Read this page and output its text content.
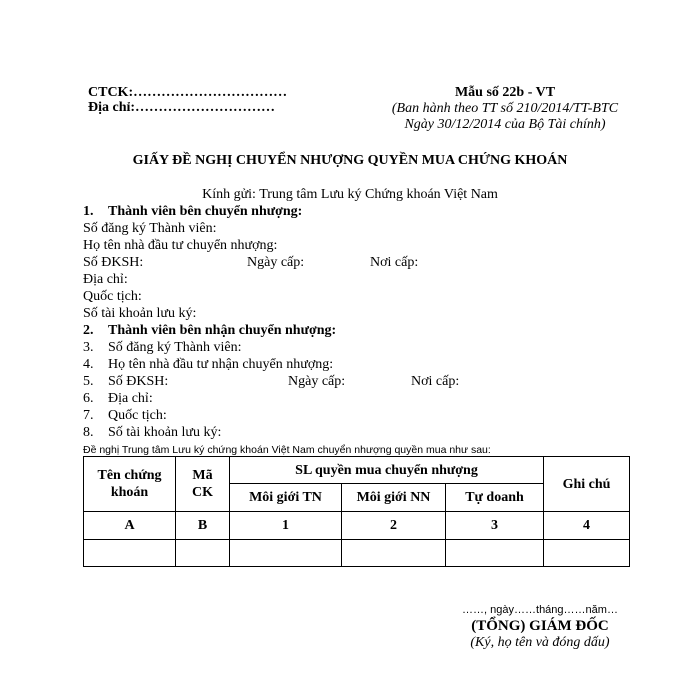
CTCK:……………………………
Địa chỉ:…………………………
Mẫu số 22b - VT
(Ban hành theo TT số 210/2014/TT-BTC
Ngày 30/12/2014 của Bộ Tài chính)
GIẤY ĐỀ NGHỊ CHUYỂN NHƯỢNG QUYỀN MUA CHỨNG KHOÁN
Kính gửi: Trung tâm Lưu ký Chứng khoán Việt Nam
1. Thành viên bên chuyển nhượng:
Số đăng ký Thành viên:
Họ tên nhà đầu tư chuyển nhượng:
Số ĐKSH:	Ngày cấp:	Nơi cấp:
Địa chỉ:
Quốc tịch:
Số tài khoản lưu ký:
2. Thành viên bên nhận chuyển nhượng:
3. Số đăng ký Thành viên:
4. Họ tên nhà đầu tư nhận chuyển nhượng:
5. Số ĐKSH:	Ngày cấp:	Nơi cấp:
6. Địa chỉ:
7. Quốc tịch:
8. Số tài khoản lưu ký:
Đề nghị Trung tâm Lưu ký chứng khoán Việt Nam chuyển nhượng quyền mua như sau:
Tên chứng khoán	Mã CK	SL quyền mua chuyển nhượng			Ghi chú
		Môi giới TN	Môi giới NN	Tự doanh	
A	B	1	2	3	4

……, ngày……tháng……năm…
(TỔNG) GIÁM ĐỐC
(Ký, họ tên và đóng dấu)
